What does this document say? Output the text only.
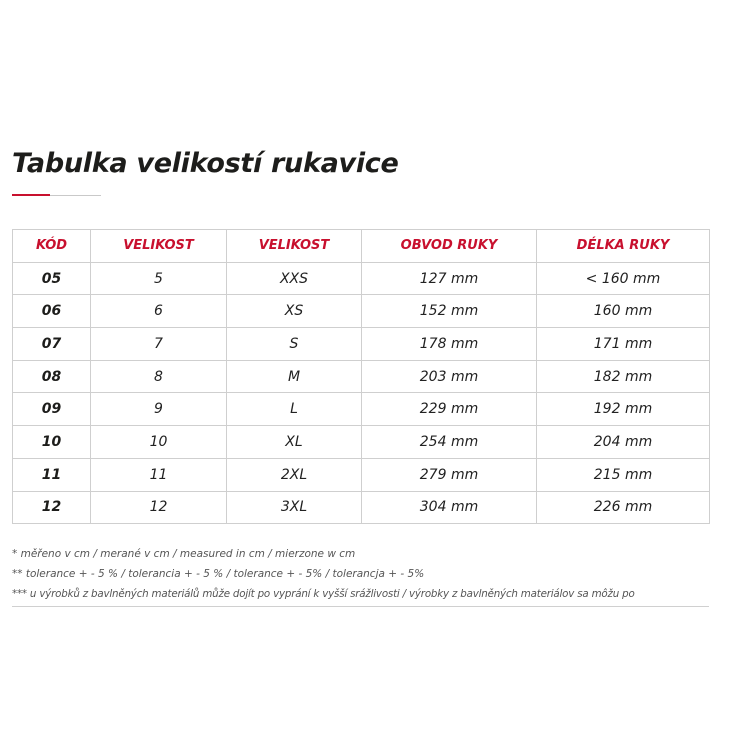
Tabulka velikostí rukavice
KÓD	VELIKOST	VELIKOST	OBVOD RUKY	DÉLKA RUKY
05	5	XXS	127 mm	< 160 mm
06	6	XS	152 mm	160 mm
07	7	S	178 mm	171 mm
08	8	M	203 mm	182 mm
09	9	L	229 mm	192 mm
10	10	XL	254 mm	204 mm
11	11	2XL	279 mm	215 mm
12	12	3XL	304 mm	226 mm
* měřeno v cm / merané v cm / measured in cm / mierzone w cm
** tolerance + - 5 % / tolerancia + - 5 % / tolerance + - 5% / tolerancja + - 5%
*** u výrobků z bavlněných materiálů může dojít po vyprání k vyšší srážlivosti / výrobky z bavlněných materiálov sa môžu po
